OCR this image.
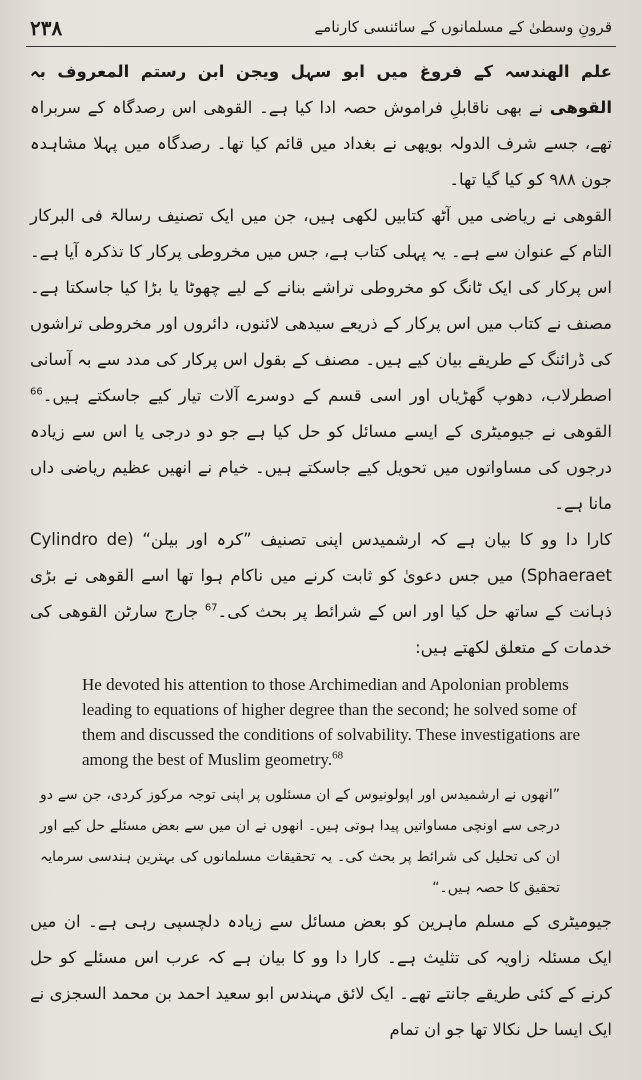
۲۳۸	قرونِ وسطیٰ کے مسلمانوں کے سائنسی کارنامے

علم الهندسہ کے فروغ میں ابو سہل ویجن ابن رستم المعروف بہ القوهی نے بھی ناقابلِ فراموش حصہ ادا کیا ہے۔ القوهی اس رصدگاہ کے سربراہ تھے، جسے شرف الدولہ بویهی نے بغداد میں قائم کیا تھا۔ رصدگاہ میں پہلا مشاہدہ جون ۹۸۸ کو کیا گیا تھا۔

القوهی نے ریاضی میں آٹھ کتابیں لکھی ہیں، جن میں ایک تصنیف رسالۃ فی البرکار التام کے عنوان سے ہے۔ یہ پہلی کتاب ہے، جس میں مخروطی پرکار کا تذکرہ آیا ہے۔ اس پرکار کی ایک ٹانگ کو مخروطی تراشے بنانے کے لیے چھوٹا یا بڑا کیا جاسکتا ہے۔ مصنف نے کتاب میں اس پرکار کے ذریعے سیدھی لائنوں، دائروں اور مخروطی تراشوں کی ڈرائنگ کے طریقے بیان کیے ہیں۔ مصنف کے بقول اس پرکار کی مدد سے بہ آسانی اصطرلاب، دھوپ گھڑیاں اور اسی قسم کے دوسرے آلات تیار کیے جاسکتے ہیں۔$^{66}$ القوهی نے جیومیٹری کے ایسے مسائل کو حل کیا ہے جو دو درجی یا اس سے زیادہ درجوں کی مساواتوں میں تحویل کیے جاسکتے ہیں۔ خیام نے انھیں عظیم ریاضی داں مانا ہے۔

کارا دا وو کا بیان ہے کہ ارشمیدس اپنی تصنیف ”کرہ اور بیلن“ (Cylindro de Sphaeraet) میں جس دعویٰ کو ثابت کرنے میں ناکام ہوا تھا اسے القوهی نے بڑی ذہانت کے ساتھ حل کیا اور اس کے شرائط پر بحث کی۔$^{67}$ جارج سارٹن القوهی کی خدمات کے متعلق لکھتے ہیں:

He devoted his attention to those Archimedian and Apolonian problems leading to equations of higher degree than the second; he solved some of them and discussed the conditions of solvability. These investigations are among the best of Muslim geometry.$^{68}$

”انھوں نے ارشمیدس اور اپولونیوس کے ان مسئلوں پر اپنی توجہ مرکوز کردی، جن سے دو درجی سے اونچی مساواتیں پیدا ہوتی ہیں۔ انھوں نے ان میں سے بعض مسئلے حل کیے اور ان کی تحلیل کی شرائط پر بحث کی۔ یہ تحقیقات مسلمانوں کی بہترین ہندسی سرمایہ تحقیق کا حصہ ہیں۔“

جیومیٹری کے مسلم ماہرین کو بعض مسائل سے زیادہ دلچسپی رہی ہے۔ ان میں ایک مسئلہ زاویہ کی تثلیث ہے۔ کارا دا وو کا بیان ہے کہ عرب اس مسئلے کو حل کرنے کے کئی طریقے جانتے تھے۔ ایک لائق مہندس ابو سعید احمد بن محمد السجزی نے ایک ایسا حل نکالا تھا جو ان تمام
